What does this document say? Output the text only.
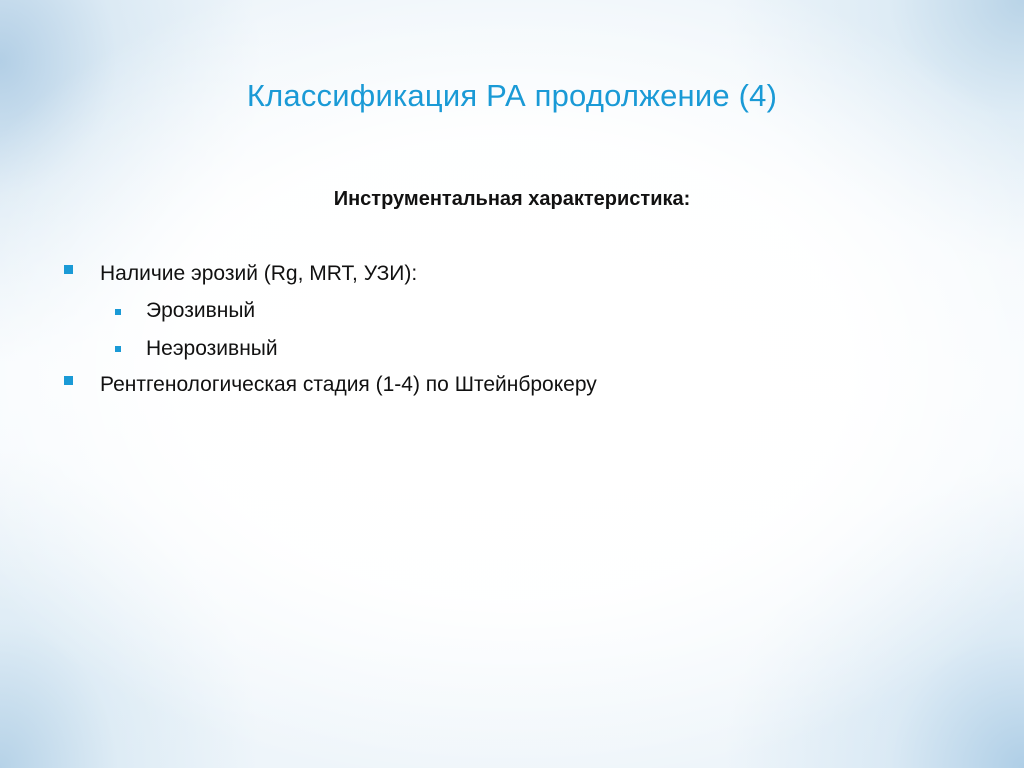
Классификация РА продолжение (4)
Инструментальная характеристика:
Наличие эрозий (Rg, MRT, УЗИ):
Эрозивный
Неэрозивный
Рентгенологическая стадия (1-4) по Штейнброкеру
